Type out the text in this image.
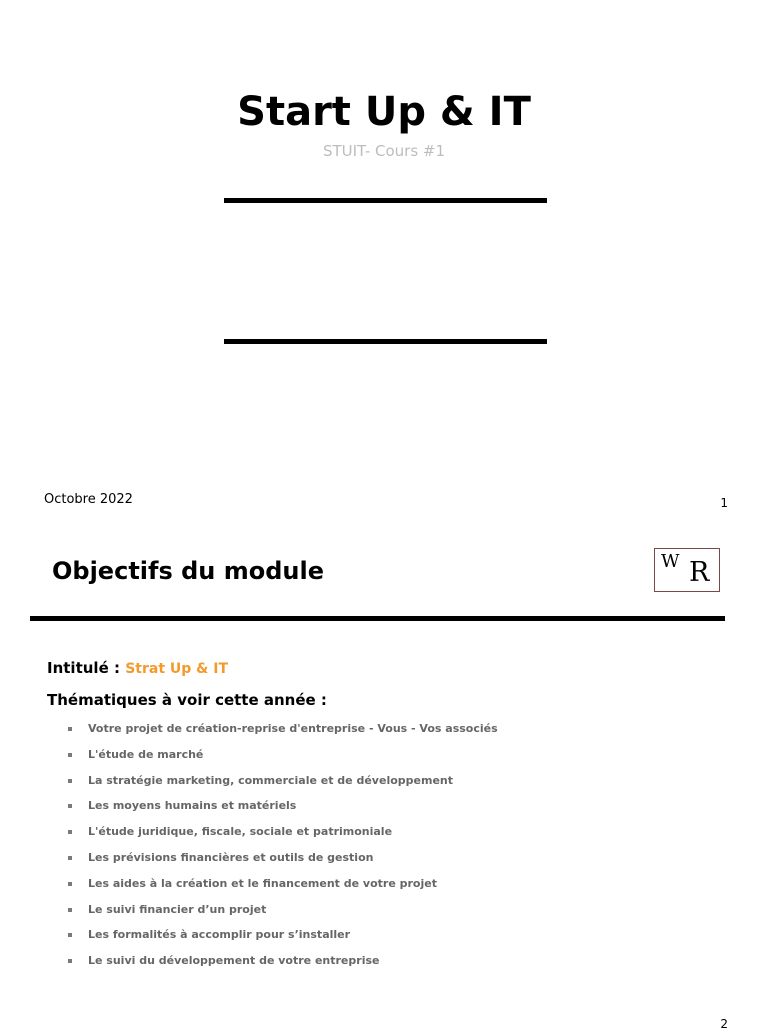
Start Up & IT
STUIT- Cours #1
Octobre 2022	1
Objectifs du module	W R
Intitulé : Strat Up & IT
Thématiques à voir cette année :
Votre projet de création-reprise d'entreprise - Vous - Vos associés
L'étude de marché
La stratégie marketing, commerciale et de développement
Les moyens humains et matériels
L'étude juridique, fiscale, sociale et patrimoniale
Les prévisions financières et outils de gestion
Les aides à la création et le financement de votre projet
Le suivi financier d’un projet
Les formalités à accomplir pour s’installer
Le suivi du développement de votre entreprise
2
